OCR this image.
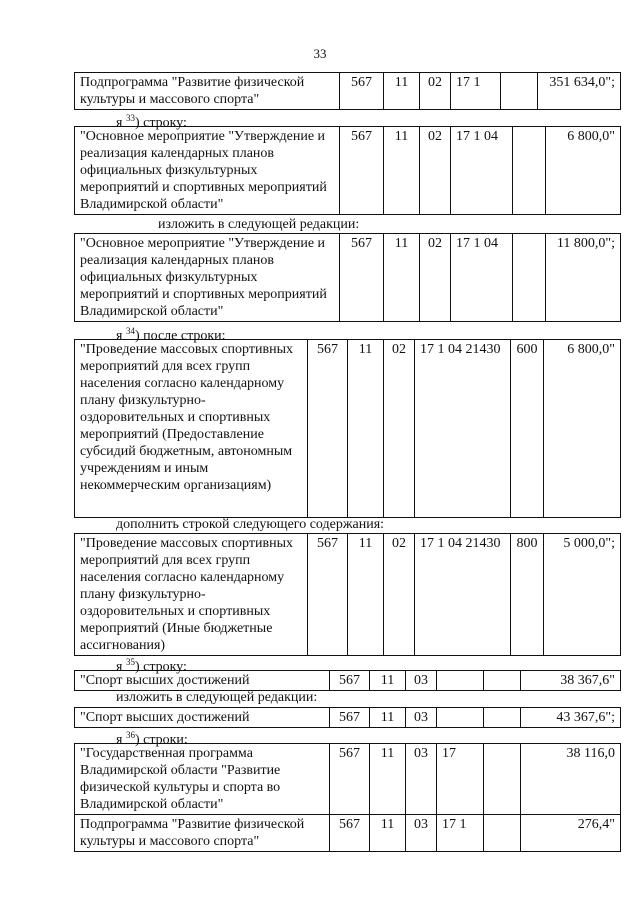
33
Подпрограмма "Развитие физической культуры и массового спорта"	567	11	02	17 1		351 634,0";
я $^{33}$) строку:
"Основное мероприятие "Утверждение и реализация календарных планов официальных физкультурных мероприятий и спортивных мероприятий Владимирской области"	567	11	02	17 1 04		6 800,0"
изложить в следующей редакции:
"Основное мероприятие "Утверждение и реализация календарных планов официальных физкультурных мероприятий и спортивных мероприятий Владимирской области"	567	11	02	17 1 04		11 800,0";
я $^{34}$) после строки:
"Проведение массовых спортивных мероприятий для всех групп населения согласно календарному плану физкультурно-оздоровительных и спортивных мероприятий (Предоставление субсидий бюджетным, автономным учреждениям и иным некоммерческим организациям)	567	11	02	17 1 04 21430	600	6 800,0"
дополнить строкой следующего содержания:
"Проведение массовых спортивных мероприятий для всех групп населения согласно календарному плану физкультурно-оздоровительных и спортивных мероприятий (Иные бюджетные ассигнования)	567	11	02	17 1 04 21430	800	5 000,0";
я $^{35}$) строку:
"Спорт высших достижений	567	11	03			38 367,6"
изложить в следующей редакции:
"Спорт высших достижений	567	11	03			43 367,6";
я $^{36}$) строки:
"Государственная программа Владимирской области "Развитие физической культуры и спорта во Владимирской области"	567	11	03	17		38 116,0
Подпрограмма "Развитие физической культуры и массового спорта"	567	11	03	17 1		276,4"
